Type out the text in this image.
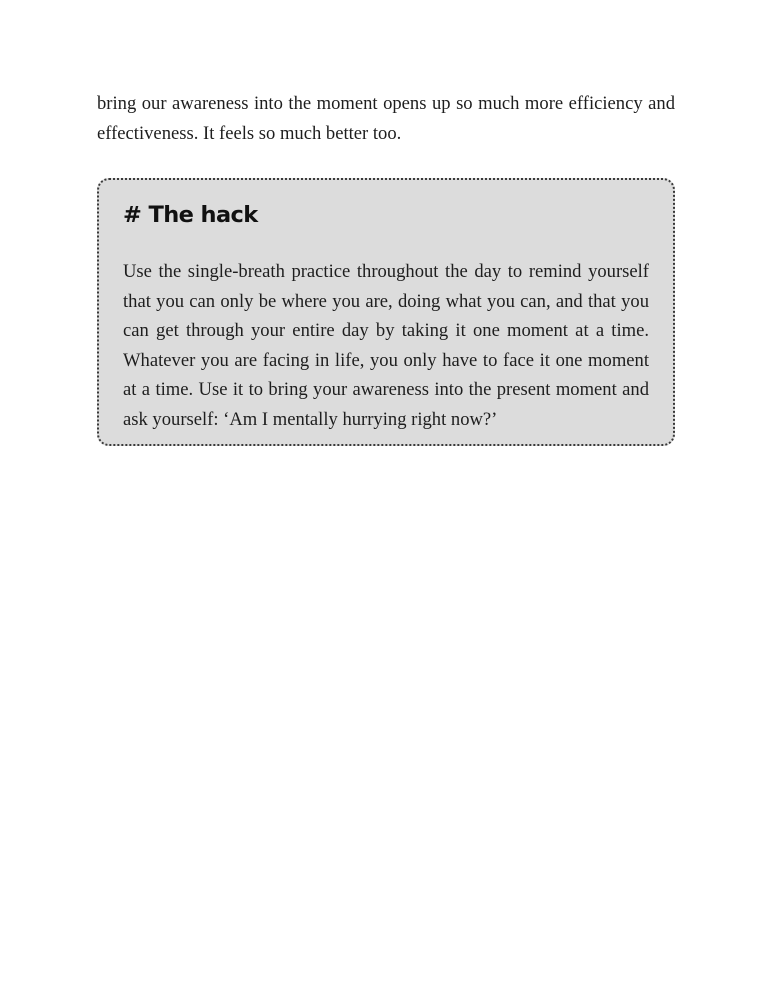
bring our awareness into the moment opens up so much more efficiency and effectiveness. It feels so much better too.

# The hack

Use the single-breath practice throughout the day to remind yourself that you can only be where you are, doing what you can, and that you can get through your entire day by taking it one moment at a time. Whatever you are facing in life, you only have to face it one moment at a time. Use it to bring your awareness into the present moment and ask yourself: ‘Am I mentally hurrying right now?’
